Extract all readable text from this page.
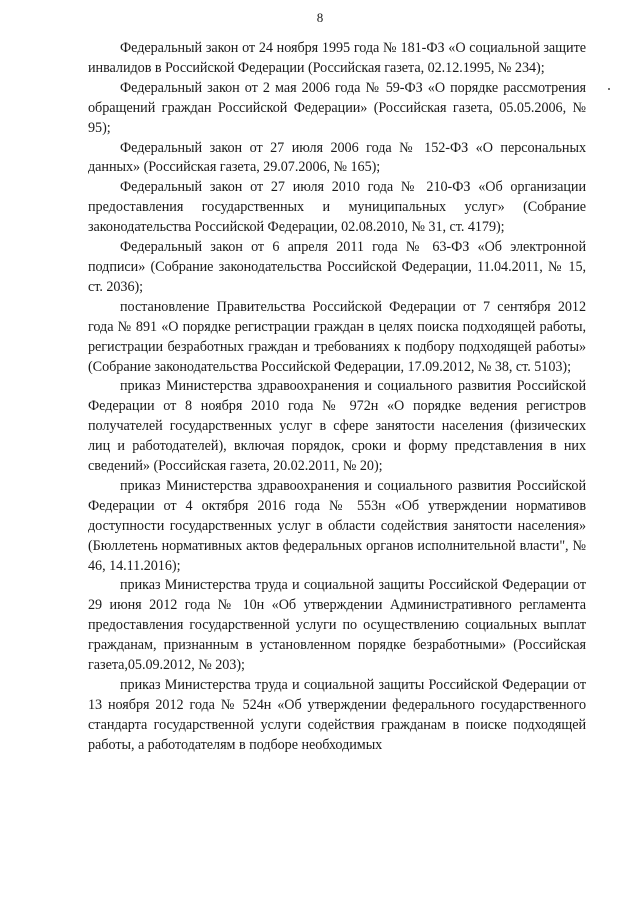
8

Федеральный закон от 24 ноября 1995 года № 181-ФЗ «О социальной защите инвалидов в Российской Федерации (Российская газета, 02.12.1995, № 234);

Федеральный закон от 2 мая 2006 года № 59-ФЗ «О порядке рассмотрения обращений граждан Российской Федерации» (Российская газета, 05.05.2006, № 95);

Федеральный закон от 27 июля 2006 года № 152-ФЗ «О персональных данных» (Российская газета, 29.07.2006, № 165);

Федеральный закон от 27 июля 2010 года № 210-ФЗ «Об организации предоставления государственных и муниципальных услуг» (Собрание законодательства Российской Федерации, 02.08.2010, № 31, ст. 4179);

Федеральный закон от 6 апреля 2011 года № 63-ФЗ «Об электронной подписи» (Собрание законодательства Российской Федерации, 11.04.2011, № 15, ст. 2036);

постановление Правительства Российской Федерации от 7 сентября 2012 года № 891 «О порядке регистрации граждан в целях поиска подходящей работы, регистрации безработных граждан и требованиях к подбору подходящей работы» (Собрание законодательства Российской Федерации, 17.09.2012, № 38, ст. 5103);

приказ Министерства здравоохранения и социального развития Российской Федерации от 8 ноября 2010 года № 972н «О порядке ведения регистров получателей государственных услуг в сфере занятости населения (физических лиц и работодателей), включая порядок, сроки и форму представления в них сведений» (Российская газета, 20.02.2011, № 20);

приказ Министерства здравоохранения и социального развития Российской Федерации от 4 октября 2016 года № 553н «Об утверждении нормативов доступности государственных услуг в области содействия занятости населения» (Бюллетень нормативных актов федеральных органов исполнительной власти", № 46, 14.11.2016);

приказ Министерства труда и социальной защиты Российской Федерации от 29 июня 2012 года № 10н «Об утверждении Административного регламента предоставления государственной услуги по осуществлению социальных выплат гражданам, признанным в установленном порядке безработными» (Российская газета,05.09.2012, № 203);

приказ Министерства труда и социальной защиты Российской Федерации от 13 ноября 2012 года № 524н «Об утверждении федерального государственного стандарта государственной услуги содействия гражданам в поиске подходящей работы, а работодателям в подборе необходимых
